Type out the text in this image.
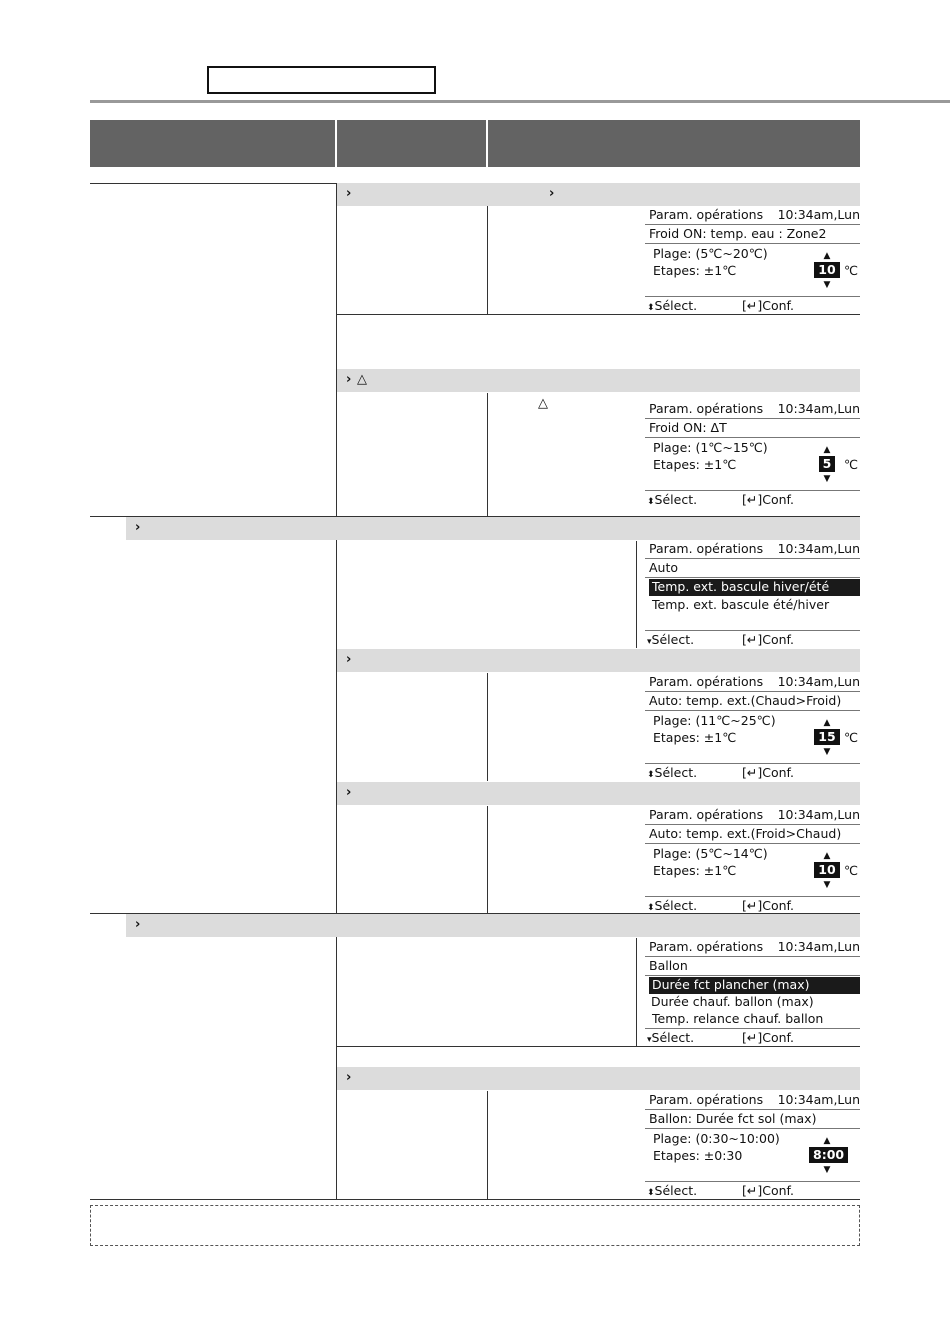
›	›
› △
›
›
›
›
›
△
Param. opérations 10:34am,Lun
Froid ON: temp. eau : Zone2
Plage: (5℃~20℃)
Etapes: ±1℃
▲
10
▼
℃
⬍Sélect.	[↵]Conf.
Param. opérations 10:34am,Lun
Froid ON: ΔT
Plage: (1℃~15℃)
Etapes: ±1℃
▲
5
▼
℃
⬍Sélect.	[↵]Conf.
Param. opérations 10:34am,Lun
Auto
Temp. ext. bascule hiver/été
Temp. ext. bascule été/hiver
▾Sélect.	[↵]Conf.
Param. opérations 10:34am,Lun
Auto: temp. ext.(Chaud>Froid)
Plage: (11℃~25℃)
Etapes: ±1℃
▲
15
▼
℃
⬍Sélect.	[↵]Conf.
Param. opérations 10:34am,Lun
Auto: temp. ext.(Froid>Chaud)
Plage: (5℃~14℃)
Etapes: ±1℃
▲
10
▼
℃
⬍Sélect.	[↵]Conf.
Param. opérations 10:34am,Lun
Ballon
Durée fct plancher (max)
Durée chauf. ballon (max)
Temp. relance chauf. ballon
▾Sélect.	[↵]Conf.
Param. opérations 10:34am,Lun
Ballon: Durée fct sol (max)
Plage: (0:30~10:00)
Etapes: ±0:30
▲
8:00
▼
⬍Sélect.	[↵]Conf.
